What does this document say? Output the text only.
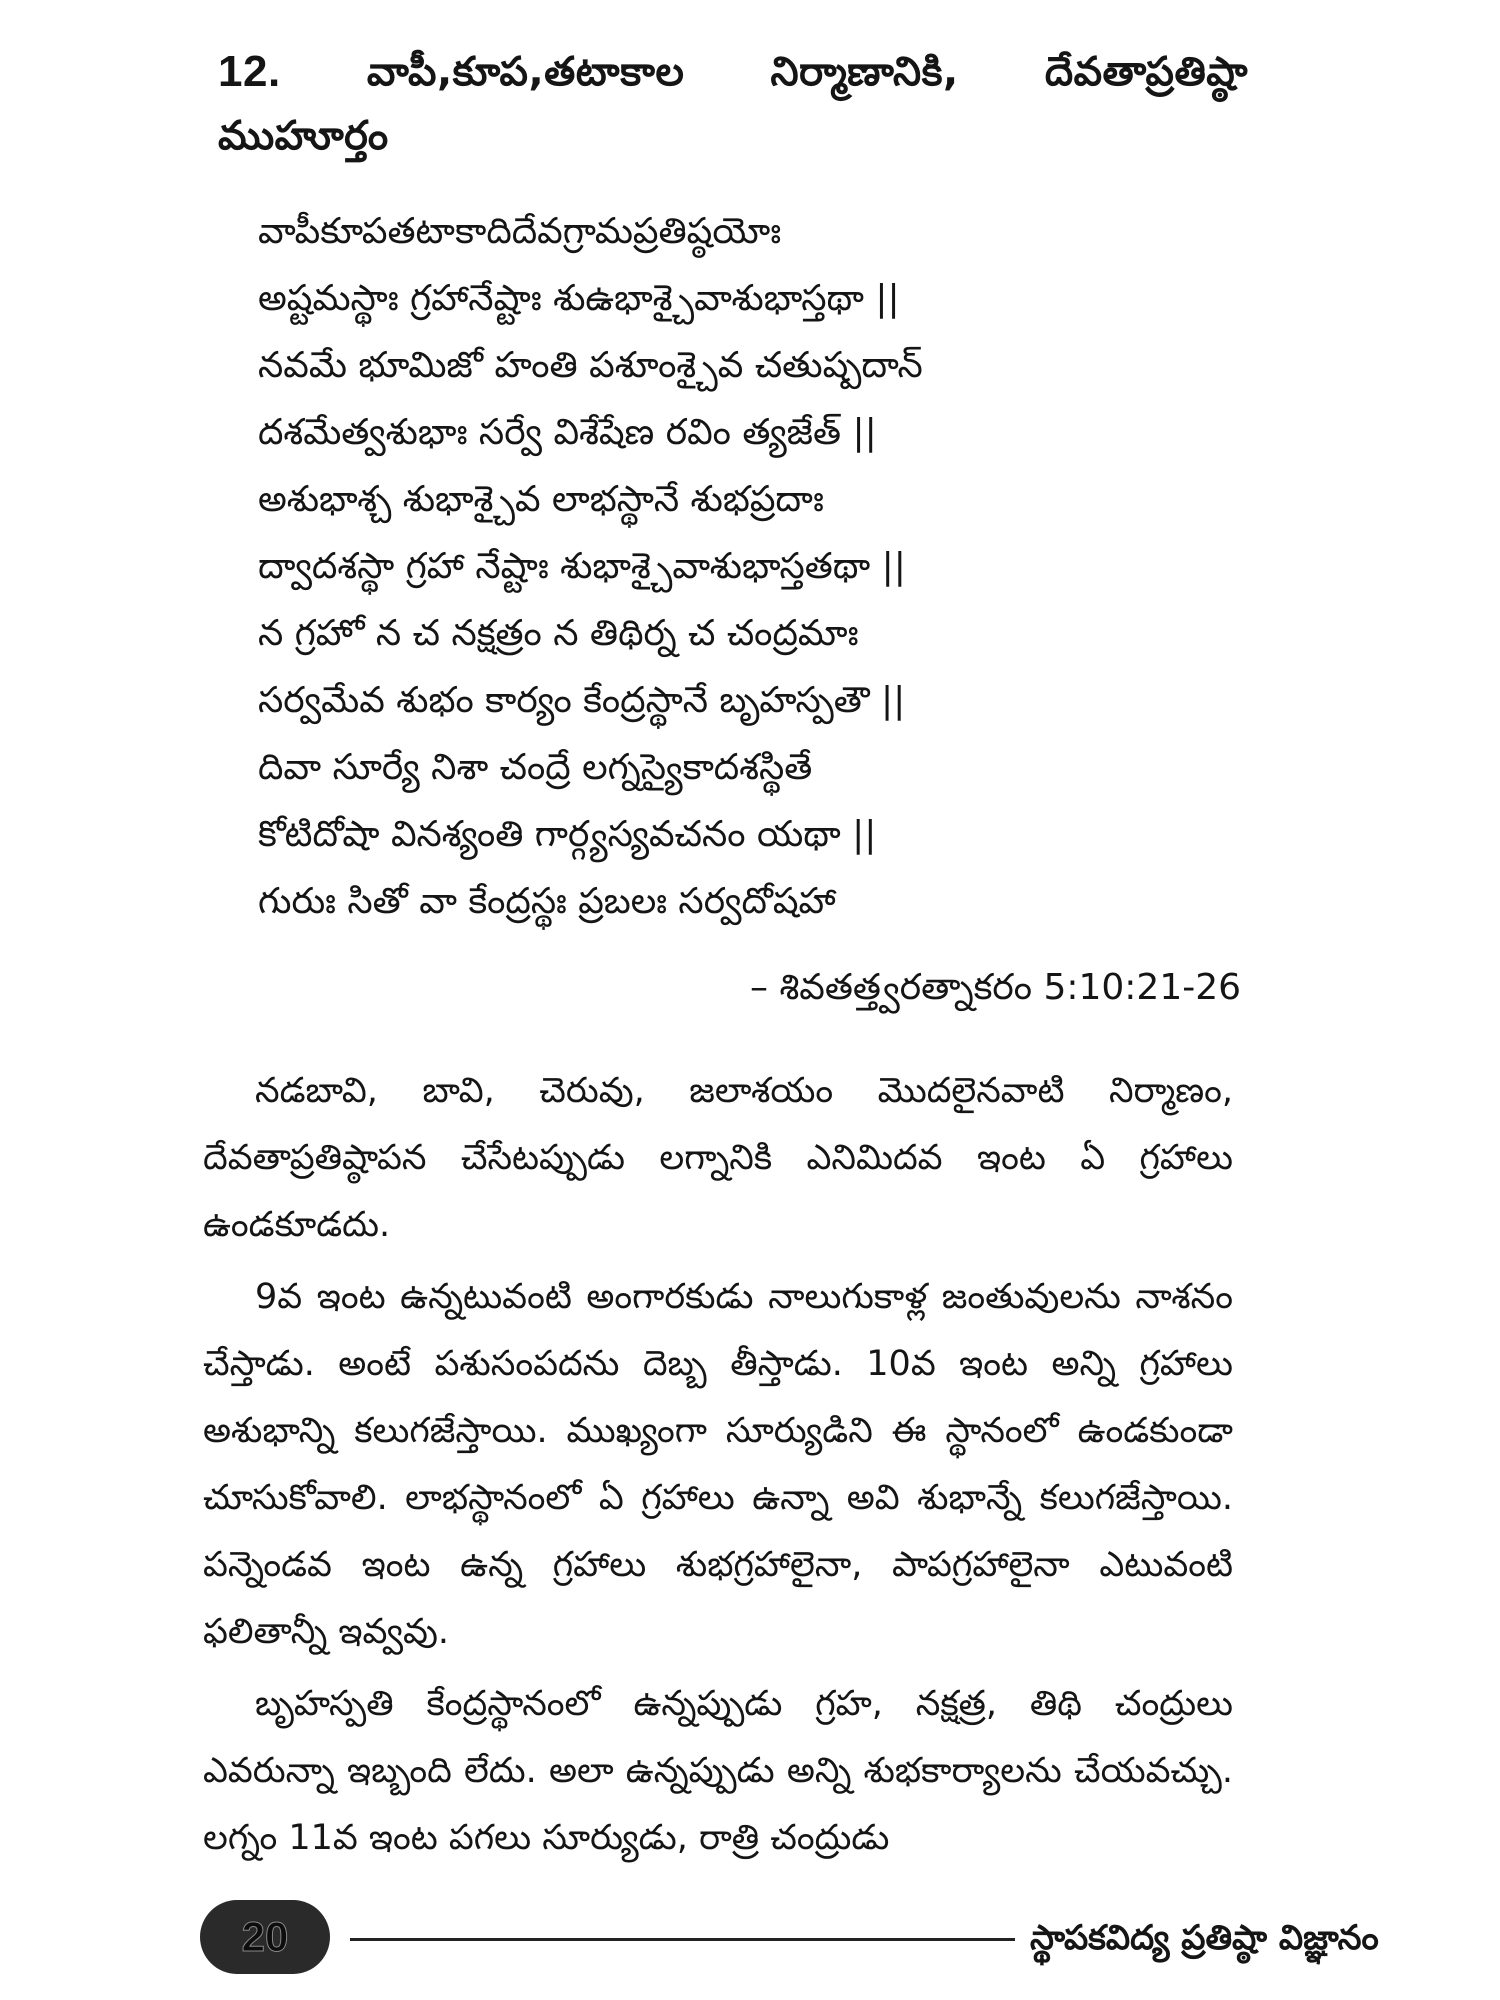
12. వాపీ,కూప,తటాకాల నిర్మాణానికి, దేవతాప్రతిష్ఠా
ముహూర్తం
వాపీకూపతటాకాదిదేవగ్రామప్రతిష్ఠయోః
అష్టమస్థాః గ్రహానేష్టాః శుఉభాశ్చైవాశుభాస్తథా ||
నవమే భూమిజో హంతి పశూంశ్చైవ చతుష్పదాన్
దశమేత్వశుభాః సర్వే విశేషేణ రవిం త్యజేత్ ||
అశుభాశ్చ శుభాశ్చైవ లాభస్థానే శుభప్రదాః
ద్వాదశస్థా గ్రహా నేష్టాః శుభాశ్చైవాశుభాస్తతథా ||
న గ్రహో న చ నక్షత్రం న తిథిర్న చ చంద్రమాః
సర్వమేవ శుభం కార్యం కేంద్రస్థానే బృహస్పతౌ ||
దివా సూర్యే నిశా చంద్రే లగ్నస్యైకాదశస్థితే
కోటిదోషా వినశ్యంతి గార్గ్యస్యవచనం యథా ||
గురుః సితో వా కేంద్రస్థః ప్రబలః సర్వదోషహా
– శివతత్త్వరత్నాకరం 5:10:21-26

నడబావి, బావి, చెరువు, జలాశయం మొదలైనవాటి నిర్మాణం, దేవతాప్రతిష్ఠాపన చేసేటప్పుడు లగ్నానికి ఎనిమిదవ ఇంట ఏ గ్రహాలు ఉండకూడదు.

9వ ఇంట ఉన్నటువంటి అంగారకుడు నాలుగుకాళ్ల జంతువులను నాశనం చేస్తాడు. అంటే పశుసంపదను దెబ్బ తీస్తాడు. 10వ ఇంట అన్ని గ్రహాలు అశుభాన్ని కలుగజేస్తాయి. ముఖ్యంగా సూర్యుడిని ఈ స్థానంలో ఉండకుండా చూసుకోవాలి. లాభస్థానంలో ఏ గ్రహాలు ఉన్నా అవి శుభాన్నే కలుగజేస్తాయి. పన్నెండవ ఇంట ఉన్న గ్రహాలు శుభగ్రహాలైనా, పాపగ్రహాలైనా ఎటువంటి ఫలితాన్నీ ఇవ్వవు.

బృహస్పతి కేంద్రస్థానంలో ఉన్నప్పుడు గ్రహ, నక్షత్ర, తిథి చంద్రులు ఎవరున్నా ఇబ్బంది లేదు. అలా ఉన్నప్పుడు అన్ని శుభకార్యాలను చేయవచ్చు. లగ్నం 11వ ఇంట పగలు సూర్యుడు, రాత్రి చంద్రుడు

20	స్థాపకవిద్య ప్రతిష్ఠా విజ్ఞానం
